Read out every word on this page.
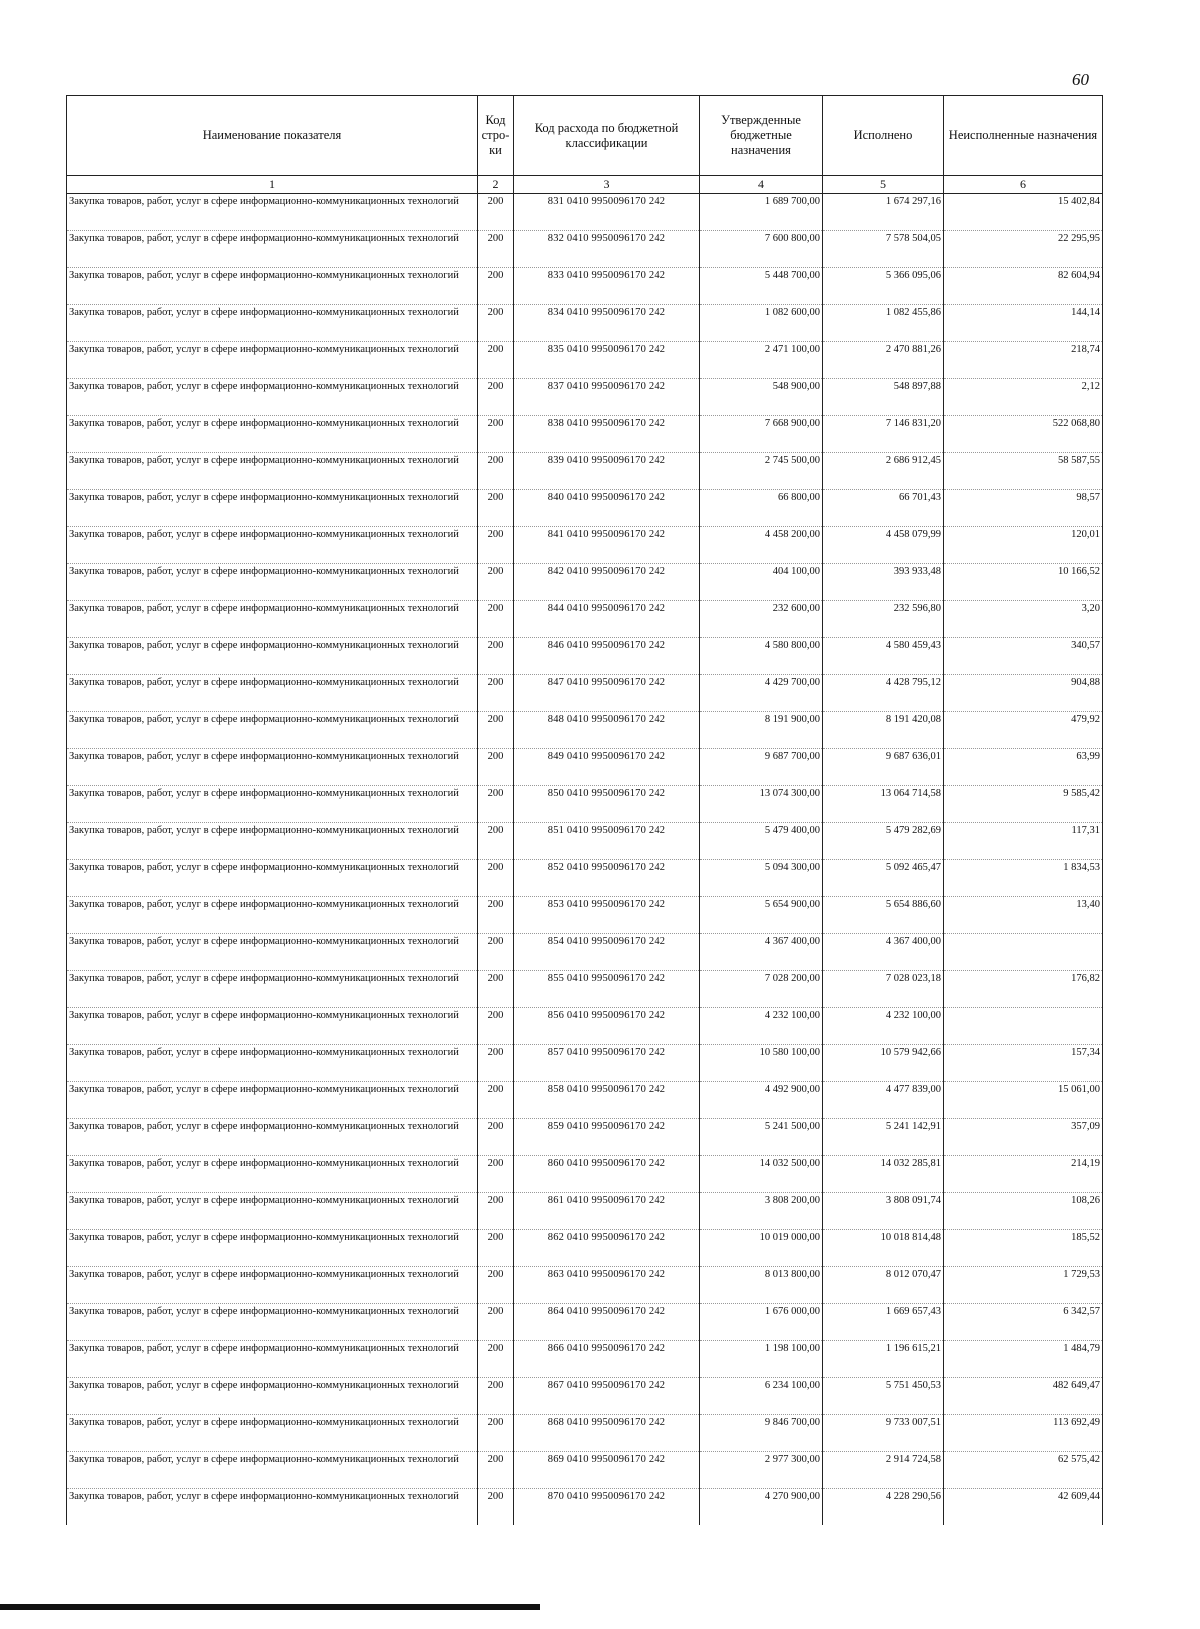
60
Наименование показателя	Код стро-ки	Код расхода по бюджетной классификации	Утвержденные бюджетные назначения	Исполнено	Неисполненные назначения
1	2	3	4	5	6
Закупка товаров, работ, услуг в сфере информационно-коммуникационных технологий	200	831 0410 9950096170 242	1 689 700,00	1 674 297,16	15 402,84
Закупка товаров, работ, услуг в сфере информационно-коммуникационных технологий	200	832 0410 9950096170 242	7 600 800,00	7 578 504,05	22 295,95
Закупка товаров, работ, услуг в сфере информационно-коммуникационных технологий	200	833 0410 9950096170 242	5 448 700,00	5 366 095,06	82 604,94
Закупка товаров, работ, услуг в сфере информационно-коммуникационных технологий	200	834 0410 9950096170 242	1 082 600,00	1 082 455,86	144,14
Закупка товаров, работ, услуг в сфере информационно-коммуникационных технологий	200	835 0410 9950096170 242	2 471 100,00	2 470 881,26	218,74
Закупка товаров, работ, услуг в сфере информационно-коммуникационных технологий	200	837 0410 9950096170 242	548 900,00	548 897,88	2,12
Закупка товаров, работ, услуг в сфере информационно-коммуникационных технологий	200	838 0410 9950096170 242	7 668 900,00	7 146 831,20	522 068,80
Закупка товаров, работ, услуг в сфере информационно-коммуникационных технологий	200	839 0410 9950096170 242	2 745 500,00	2 686 912,45	58 587,55
Закупка товаров, работ, услуг в сфере информационно-коммуникационных технологий	200	840 0410 9950096170 242	66 800,00	66 701,43	98,57
Закупка товаров, работ, услуг в сфере информационно-коммуникационных технологий	200	841 0410 9950096170 242	4 458 200,00	4 458 079,99	120,01
Закупка товаров, работ, услуг в сфере информационно-коммуникационных технологий	200	842 0410 9950096170 242	404 100,00	393 933,48	10 166,52
Закупка товаров, работ, услуг в сфере информационно-коммуникационных технологий	200	844 0410 9950096170 242	232 600,00	232 596,80	3,20
Закупка товаров, работ, услуг в сфере информационно-коммуникационных технологий	200	846 0410 9950096170 242	4 580 800,00	4 580 459,43	340,57
Закупка товаров, работ, услуг в сфере информационно-коммуникационных технологий	200	847 0410 9950096170 242	4 429 700,00	4 428 795,12	904,88
Закупка товаров, работ, услуг в сфере информационно-коммуникационных технологий	200	848 0410 9950096170 242	8 191 900,00	8 191 420,08	479,92
Закупка товаров, работ, услуг в сфере информационно-коммуникационных технологий	200	849 0410 9950096170 242	9 687 700,00	9 687 636,01	63,99
Закупка товаров, работ, услуг в сфере информационно-коммуникационных технологий	200	850 0410 9950096170 242	13 074 300,00	13 064 714,58	9 585,42
Закупка товаров, работ, услуг в сфере информационно-коммуникационных технологий	200	851 0410 9950096170 242	5 479 400,00	5 479 282,69	117,31
Закупка товаров, работ, услуг в сфере информационно-коммуникационных технологий	200	852 0410 9950096170 242	5 094 300,00	5 092 465,47	1 834,53
Закупка товаров, работ, услуг в сфере информационно-коммуникационных технологий	200	853 0410 9950096170 242	5 654 900,00	5 654 886,60	13,40
Закупка товаров, работ, услуг в сфере информационно-коммуникационных технологий	200	854 0410 9950096170 242	4 367 400,00	4 367 400,00	
Закупка товаров, работ, услуг в сфере информационно-коммуникационных технологий	200	855 0410 9950096170 242	7 028 200,00	7 028 023,18	176,82
Закупка товаров, работ, услуг в сфере информационно-коммуникационных технологий	200	856 0410 9950096170 242	4 232 100,00	4 232 100,00	
Закупка товаров, работ, услуг в сфере информационно-коммуникационных технологий	200	857 0410 9950096170 242	10 580 100,00	10 579 942,66	157,34
Закупка товаров, работ, услуг в сфере информационно-коммуникационных технологий	200	858 0410 9950096170 242	4 492 900,00	4 477 839,00	15 061,00
Закупка товаров, работ, услуг в сфере информационно-коммуникационных технологий	200	859 0410 9950096170 242	5 241 500,00	5 241 142,91	357,09
Закупка товаров, работ, услуг в сфере информационно-коммуникационных технологий	200	860 0410 9950096170 242	14 032 500,00	14 032 285,81	214,19
Закупка товаров, работ, услуг в сфере информационно-коммуникационных технологий	200	861 0410 9950096170 242	3 808 200,00	3 808 091,74	108,26
Закупка товаров, работ, услуг в сфере информационно-коммуникационных технологий	200	862 0410 9950096170 242	10 019 000,00	10 018 814,48	185,52
Закупка товаров, работ, услуг в сфере информационно-коммуникационных технологий	200	863 0410 9950096170 242	8 013 800,00	8 012 070,47	1 729,53
Закупка товаров, работ, услуг в сфере информационно-коммуникационных технологий	200	864 0410 9950096170 242	1 676 000,00	1 669 657,43	6 342,57
Закупка товаров, работ, услуг в сфере информационно-коммуникационных технологий	200	866 0410 9950096170 242	1 198 100,00	1 196 615,21	1 484,79
Закупка товаров, работ, услуг в сфере информационно-коммуникационных технологий	200	867 0410 9950096170 242	6 234 100,00	5 751 450,53	482 649,47
Закупка товаров, работ, услуг в сфере информационно-коммуникационных технологий	200	868 0410 9950096170 242	9 846 700,00	9 733 007,51	113 692,49
Закупка товаров, работ, услуг в сфере информационно-коммуникационных технологий	200	869 0410 9950096170 242	2 977 300,00	2 914 724,58	62 575,42
Закупка товаров, работ, услуг в сфере информационно-коммуникационных технологий	200	870 0410 9950096170 242	4 270 900,00	4 228 290,56	42 609,44
